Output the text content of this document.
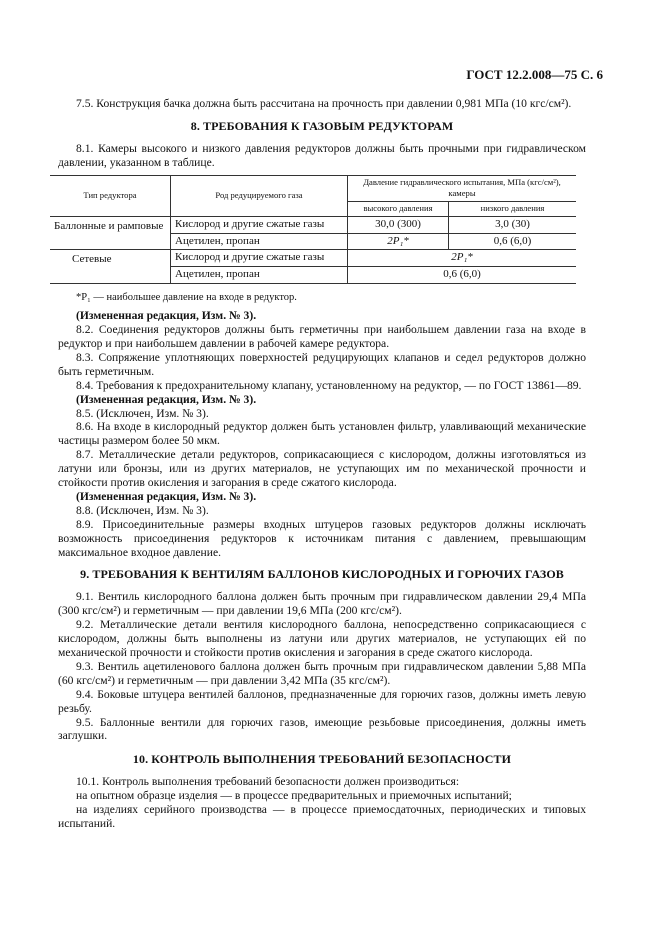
ГОСТ 12.2.008—75 С. 6

7.5. Конструкция бачка должна быть рассчитана на прочность при давлении 0,981 МПа (10 кгс/см²).

8. ТРЕБОВАНИЯ К ГАЗОВЫМ РЕДУКТОРАМ

8.1. Камеры высокого и низкого давления редукторов должны быть прочными при гидравлическом давлении, указанном в таблице.

Тип редуктора	Род редуцируемого газа	Давление гидравлического испытания, МПа (кгс/см²), камеры	
		высокого давления	низкого давления
Баллонные и рамповые	Кислород и другие сжатые газы	30,0 (300)	3,0 (30)
	Ацетилен, пропан	2P₁*	0,6 (6,0)
Сетевые	Кислород и другие сжатые газы	2P₁*	
	Ацетилен, пропан	0,6 (6,0)	

*P₁ — наибольшее давление на входе в редуктор.

(Измененная редакция, Изм. № 3).

8.2. Соединения редукторов должны быть герметичны при наибольшем давлении газа на входе в редуктор и при наибольшем давлении в рабочей камере редуктора.

8.3. Сопряжение уплотняющих поверхностей редуцирующих клапанов и седел редукторов должно быть герметичным.

8.4. Требования к предохранительному клапану, установленному на редуктор, — по ГОСТ 13861—89.

(Измененная редакция, Изм. № 3).

8.5. (Исключен, Изм. № 3).

8.6. На входе в кислородный редуктор должен быть установлен фильтр, улавливающий механические частицы размером более 50 мкм.

8.7. Металлические детали редукторов, соприкасающиеся с кислородом, должны изготовляться из латуни или бронзы, или из других материалов, не уступающих им по механической прочности и стойкости против окисления и загорания в среде сжатого кислорода.

(Измененная редакция, Изм. № 3).

8.8. (Исключен, Изм. № 3).

8.9. Присоединительные размеры входных штуцеров газовых редукторов должны исключать возможность присоединения редукторов к источникам питания с давлением, превышающим максимальное входное давление.

9. ТРЕБОВАНИЯ К ВЕНТИЛЯМ БАЛЛОНОВ КИСЛОРОДНЫХ И ГОРЮЧИХ ГАЗОВ

9.1. Вентиль кислородного баллона должен быть прочным при гидравлическом давлении 29,4 МПа (300 кгс/см²) и герметичным — при давлении 19,6 МПа (200 кгс/см²).

9.2. Металлические детали вентиля кислородного баллона, непосредственно соприкасающиеся с кислородом, должны быть выполнены из латуни или других материалов, не уступающих ей по механической прочности и стойкости против окисления и загорания в среде сжатого кислорода.

9.3. Вентиль ацетиленового баллона должен быть прочным при гидравлическом давлении 5,88 МПа (60 кгс/см²) и герметичным — при давлении 3,42 МПа (35 кгс/см²).

9.4. Боковые штуцера вентилей баллонов, предназначенные для горючих газов, должны иметь левую резьбу.

9.5. Баллонные вентили для горючих газов, имеющие резьбовые присоединения, должны иметь заглушки.

10. КОНТРОЛЬ ВЫПОЛНЕНИЯ ТРЕБОВАНИЙ БЕЗОПАСНОСТИ

10.1. Контроль выполнения требований безопасности должен производиться:

на опытном образце изделия — в процессе предварительных и приемочных испытаний;

на изделиях серийного производства — в процессе приемосдаточных, периодических и типовых испытаний.
